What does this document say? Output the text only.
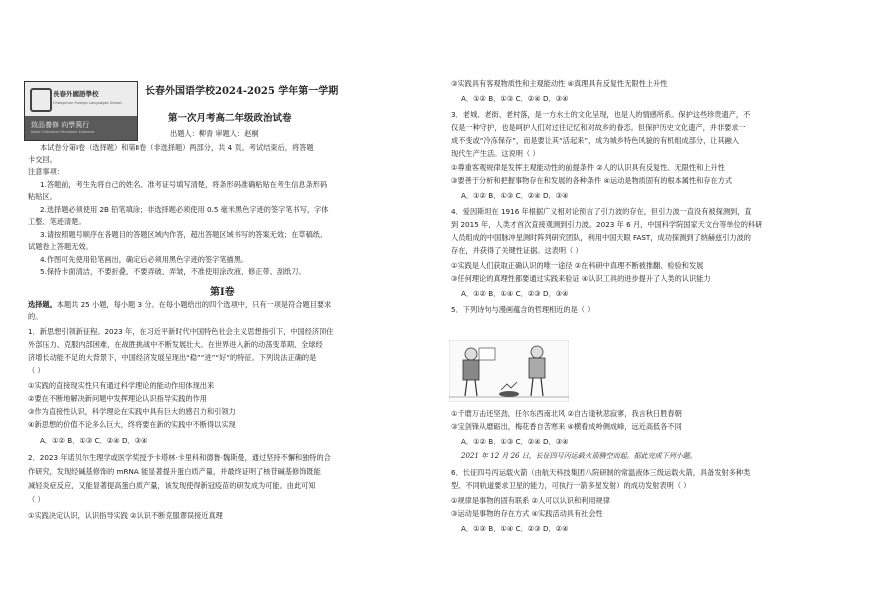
長春外國語學校
Changchun Foreign Languages School
致品養修 向學篤行
Moral Cultivation Persistent Endeavor
长春外国语学校2024-2025 学年第一学期
第一次月考高二年级政治试卷
出题人：柳青 审题人：赵桐
本试卷分第Ⅰ卷（选择题）和第Ⅱ卷（非选择题）两部分，共 4 页。考试结束后，将答题
卡交回。
注意事项：
1.答题前，考生先将自己的姓名、准考证号填写清楚，将条形码准确粘贴在考生信息条形码
粘贴区。
2.选择题必须使用 2B 铅笔填涂；非选择题必须使用 0.5 毫米黑色字迹的签字笔书写，字体
工整、笔迹清楚。
3.请按照题号顺序在各题目的答题区域内作答，超出答题区域书写的答案无效；在草稿纸、
试题卷上答题无效。
4.作图可先使用铅笔画出，确定后必须用黑色字迹的签字笔描黑。
5.保持卡面清洁，不要折叠，不要弄破、弄皱，不准使用涂改液、修正带、刮纸刀。
第Ⅰ卷
选择题。本题共 25 小题，每小题 3 分。在每小题给出的四个选项中，只有一项是符合题目要求
的。
1．新思想引领新征程。2023 年，在习近平新时代中国特色社会主义思想指引下，中国经济顶住
外部压力、克服内部困难，在战胜挑战中不断发展壮大。在世界进入新的动荡变革期、全球经
济增长动能不足的大背景下，中国经济发展呈现出“稳”“进”“好”的特征。下列说法正确的是
（ ）
①实践的直接现实性只有通过科学理论的能动作用体现出来
②要在不断地解决新问题中发挥理论认识指导实践的作用
③作为直接性认识，科学理论在实践中具有巨大的感召力和引领力
④新思想的价值不论多么巨大，终将要在新的实践中不断得以实现
A．①② B．①③ C．②④ D．③④
2．2023 年诺贝尔生理学或医学奖授予卡塔林·卡里科和德鲁·魏斯曼，通过坚持不懈和独特的合
作研究，发现经碱基修饰的 mRNA 能显著提升蛋白质产量，并最终证明了核苷碱基修饰既能
减轻炎症反应，又能显著提高蛋白质产量，该发现使得新冠疫苗的研发成为可能。由此可知
（ ）
①实践决定认识，认识指导实践 ②认识不断克服谬误接近真理
③实践具有客观物质性和主观能动性 ④真理具有反复性无限性上升性
A．①② B．①③ C．②④ D．③④
3．老城、老街、老村落，是一方水土的文化呈现，也是人的情感所系。保护这些珍贵遗产，不
仅是一种守护，也是呵护人们对过往记忆和对故乡的眷恋。但保护历史文化遗产，并非要求一
成不变或“冷冻保存”，而是要让其“活起来”，成为城乡特色风貌的有机组成部分，让其融入
现代生产生活。这说明（ ）
①尊重客观规律是发挥主观能动性的前提条件 ②人的认识具有反复性、无限性和上升性
③要善于分析和把握事物存在和发展的各种条件 ④运动是物质固有的根本属性和存在方式
A．①② B．①③ C．②④ D．③④
4．爱因斯坦在 1916 年根据广义相对论预言了引力波的存在，但引力波一直没有被探测到，直
到 2015 年，人类才首次直接观测到引力波。2023 年 6 月，中国科学院国家天文台等单位的科研
人员组成的中国脉冲星测时阵列研究团队，利用中国天眼 FAST，成功探测到了纳赫兹引力波的
存在，并获得了关键性证据。这表明（ ）
①实践是人们获取正确认识的唯一途径 ②在科研中真理不断被推翻、检验和发展
③任何理论的真理性都要通过实践来验证 ④认识工具的进步提升了人类的认识能力
A．①② B．①④ C．②③ D．③④
5．下列诗句与漫画蕴含的哲理相近的是（ ）
①千磨万击还坚劲，任尔东西南北风 ②自古逢秋悲寂寥，我言秋日胜春朝
③宝剑锋从磨砺出，梅花香自苦寒来 ④横看成岭侧成峰，远近高低各不同
A．①② B．①③ C．②④ D．③④
2021 年 12 月 26 日，长征四号丙运载火箭腾空而起。据此完成下列小题。
6．长征四号丙运载火箭（由航天科技集团八院研制的常温液体三级运载火箭，具备发射多种类
型、不同轨道要求卫星的能力，可执行一箭多星发射）的成功发射表明（ ）
①规律是事物的固有联系 ②人可以认识和利用规律
③运动是事物的存在方式 ④实践活动具有社会性
A．①③ B．①④ C．②③ D．②④
